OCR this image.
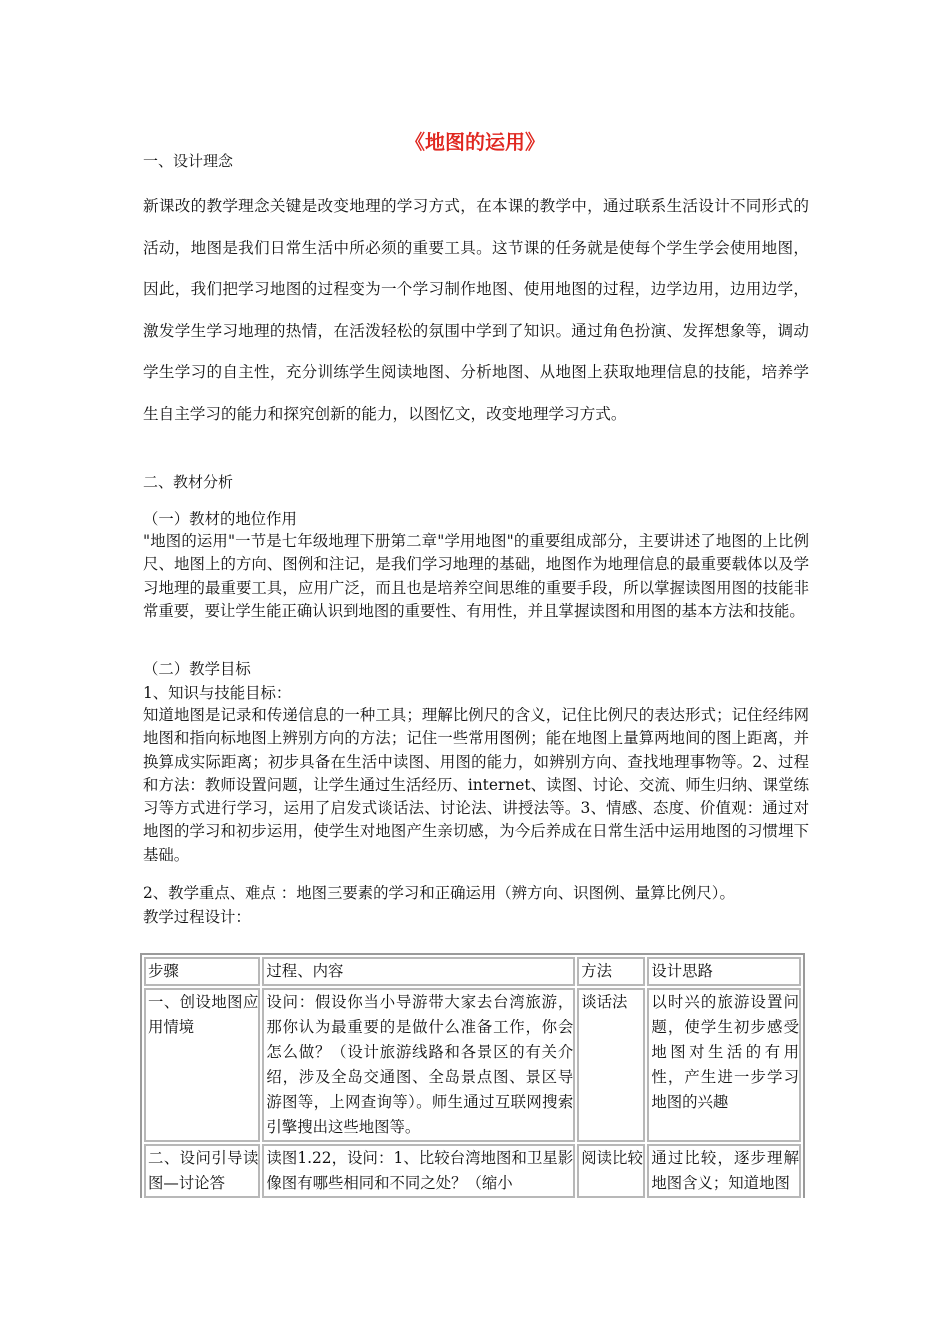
《地图的运用》
一、设计理念

新课改的教学理念关键是改变地理的学习方式，在本课的教学中，通过联系生活设计不同形式的活动，地图是我们日常生活中所必须的重要工具。这节课的任务就是使每个学生学会使用地图，因此，我们把学习地图的过程变为一个学习制作地图、使用地图的过程，边学边用，边用边学，激发学生学习地理的热情，在活泼轻松的氛围中学到了知识。通过角色扮演、发挥想象等，调动学生学习的自主性，充分训练学生阅读地图、分析地图、从地图上获取地理信息的技能，培养学生自主学习的能力和探究创新的能力，以图忆文，改变地理学习方式。

二、教材分析
（一）教材的地位作用

"地图的运用"一节是七年级地理下册第二章"学用地图"的重要组成部分，主要讲述了地图的上比例尺、地图上的方向、图例和注记，是我们学习地理的基础，地图作为地理信息的最重要载体以及学习地理的最重要工具，应用广泛，而且也是培养空间思维的重要手段，所以掌握读图用图的技能非常重要，要让学生能正确认识到地图的重要性、有用性，并且掌握读图和用图的基本方法和技能。

（二）教学目标
1、知识与技能目标：

知道地图是记录和传递信息的一种工具；理解比例尺的含义，记住比例尺的表达形式；记住经纬网地图和指向标地图上辨别方向的方法；记住一些常用图例；能在地图上量算两地间的图上距离，并换算成实际距离；初步具备在生活中读图、用图的能力，如辨别方向、查找地理事物等。2、过程和方法：教师设置问题，让学生通过生活经历、internet、读图、讨论、交流、师生归纳、课堂练习等方式进行学习，运用了启发式谈话法、讨论法、讲授法等。3、情感、态度、价值观：通过对地图的学习和初步运用，使学生对地图产生亲切感，为今后养成在日常生活中运用地图的习惯埋下基础。

2、教学重点、难点 ：地图三要素的学习和正确运用（辨方向、识图例、量算比例尺）。
教学过程设计：
步骤	过程、内容	方法	设计思路
一、创设地图应用情境	设问：假设你当小导游带大家去台湾旅游，那你认为最重要的是做什么准备工作，你会怎么做？（设计旅游线路和各景区的有关介绍，涉及全岛交通图、全岛景点图、景区导游图等，上网查询等）。师生通过互联网搜索引擎搜出这些地图等。	谈话法	以时兴的旅游设置问题，使学生初步感受地图对生活的有用性，产生进一步学习地图的兴趣
二、设问引导读图—讨论答	读图1.22，设问：1、比较台湾地图和卫星影像图有哪些相同和不同之处？（缩小	阅读比较	通过比较，逐步理解地图含义；知道地图
